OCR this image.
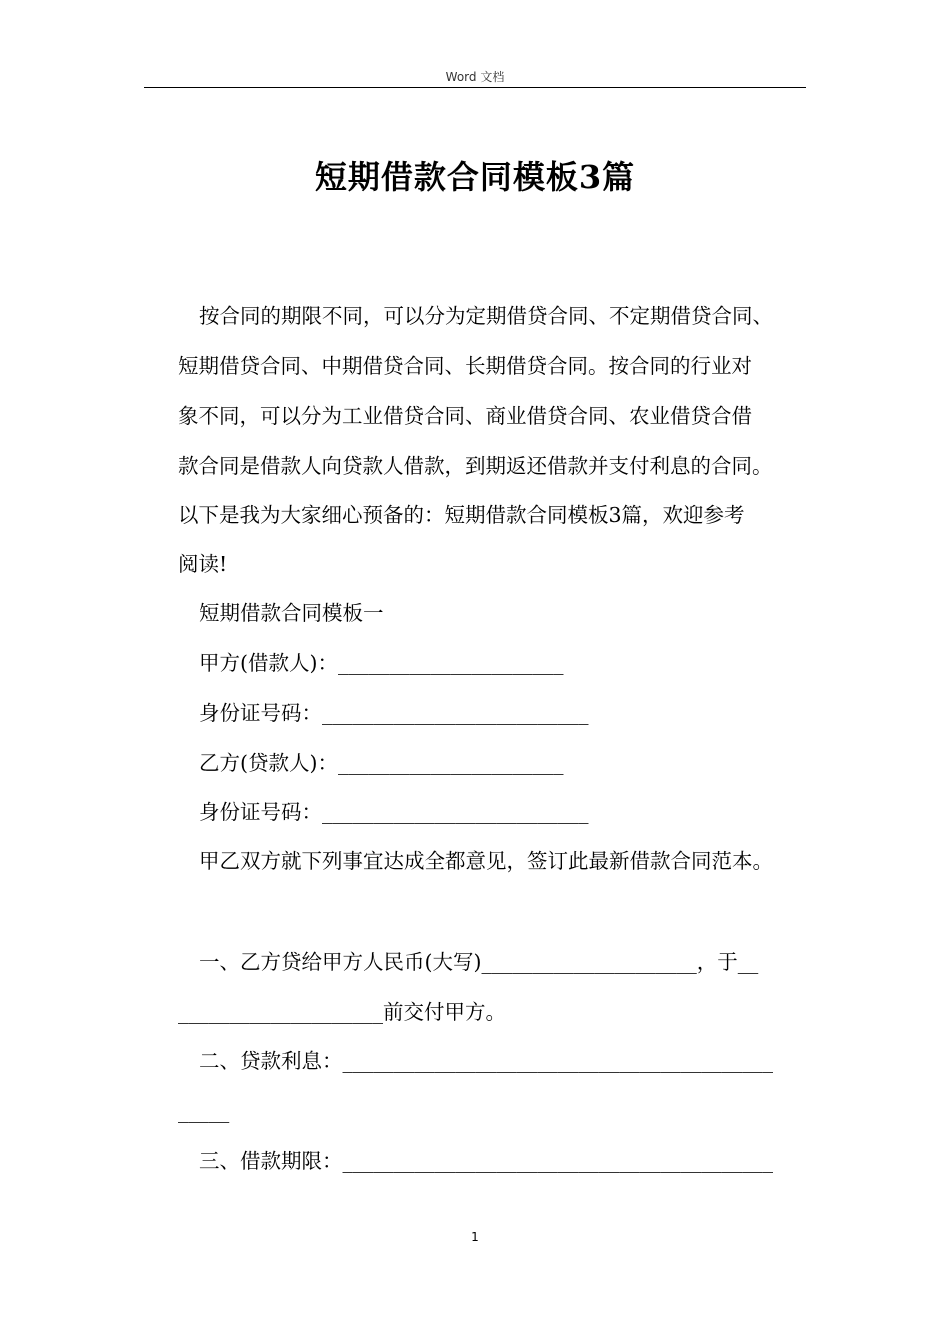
Word 文档
短期借款合同模板3篇
按合同的期限不同，可以分为定期借贷合同、不定期借贷合同、
短期借贷合同、中期借贷合同、长期借贷合同。按合同的行业对
象不同，可以分为工业借贷合同、商业借贷合同、农业借贷合借
款合同是借款人向贷款人借款，到期返还借款并支付利息的合同。
以下是我为大家细心预备的：短期借款合同模板3篇，欢迎参考
阅读!
短期借款合同模板一
甲方(借款人)：______________________
身份证号码：__________________________
乙方(贷款人)：______________________
身份证号码：__________________________
甲乙双方就下列事宜达成全都意见，签订此最新借款合同范本。
一、乙方贷给甲方人民币(大写)_____________________，于__
____________________前交付甲方。
二、贷款利息：__________________________________________
_____
三、借款期限：__________________________________________
1
